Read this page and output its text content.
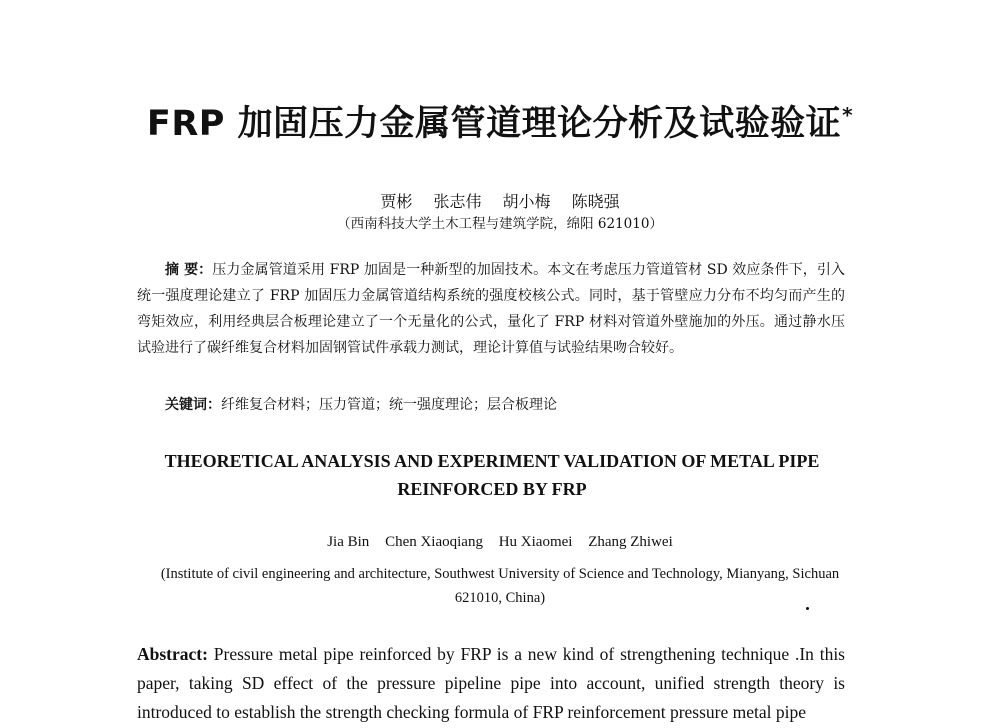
FRP 加固压力金属管道理论分析及试验验证*
贾彬 张志伟 胡小梅 陈晓强
（西南科技大学土木工程与建筑学院，绵阳 621010）
摘 要：压力金属管道采用 FRP 加固是一种新型的加固技术。本文在考虑压力管道管材 SD 效应条件下，引入统一强度理论建立了 FRP 加固压力金属管道结构系统的强度校核公式。同时，基于管壁应力分布不均匀而产生的弯矩效应，利用经典层合板理论建立了一个无量化的公式，量化了 FRP 材料对管道外壁施加的外压。通过静水压试验进行了碳纤维复合材料加固钢管试件承载力测试，理论计算值与试验结果吻合较好。
关键词：纤维复合材料；压力管道；统一强度理论；层合板理论
THEORETICAL ANALYSIS AND EXPERIMENT VALIDATION OF METAL PIPE REINFORCED BY FRP
Jia Bin Chen Xiaoqiang Hu Xiaomei Zhang Zhiwei
(Institute of civil engineering and architecture, Southwest University of Science and Technology, Mianyang, Sichuan 621010, China)
Abstract: Pressure metal pipe reinforced by FRP is a new kind of strengthening technique .In this paper, taking SD effect of the pressure pipeline pipe into account, unified strength theory is introduced to establish the strength checking formula of FRP reinforcement pressure metal pipe
